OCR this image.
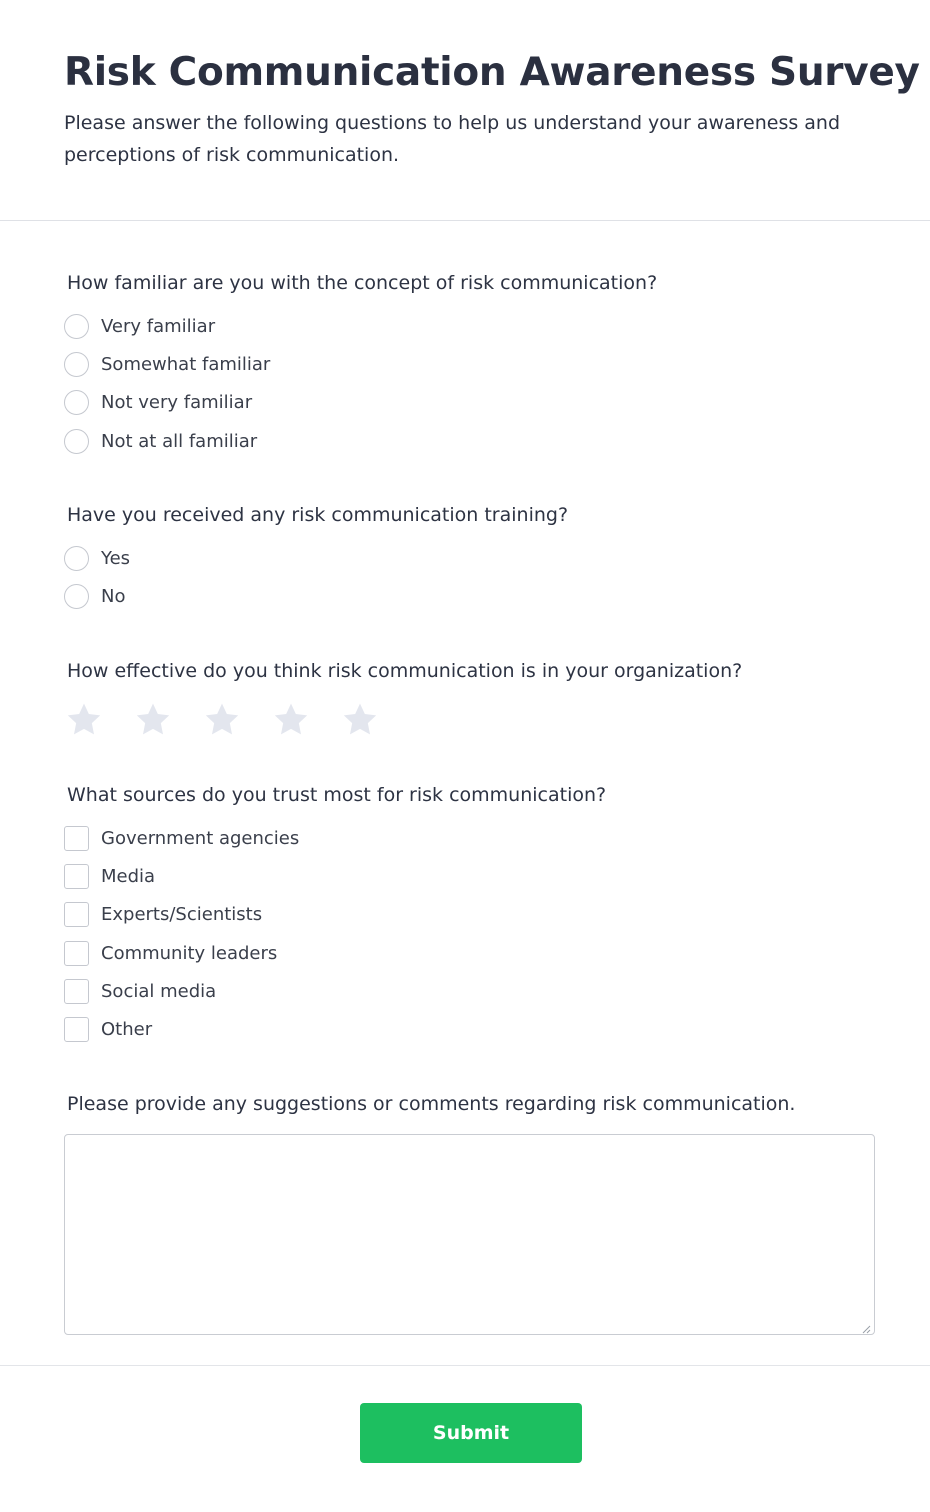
Risk Communication Awareness Survey

Please answer the following questions to help us understand your awareness and perceptions of risk communication.

How familiar are you with the concept of risk communication?
Very familiar
Somewhat familiar
Not very familiar
Not at all familiar
Have you received any risk communication training?
Yes
No
How effective do you think risk communication is in your organization?
What sources do you trust most for risk communication?
Government agencies
Media
Experts/Scientists
Community leaders
Social media
Other
Please provide any suggestions or comments regarding risk communication.
Submit
